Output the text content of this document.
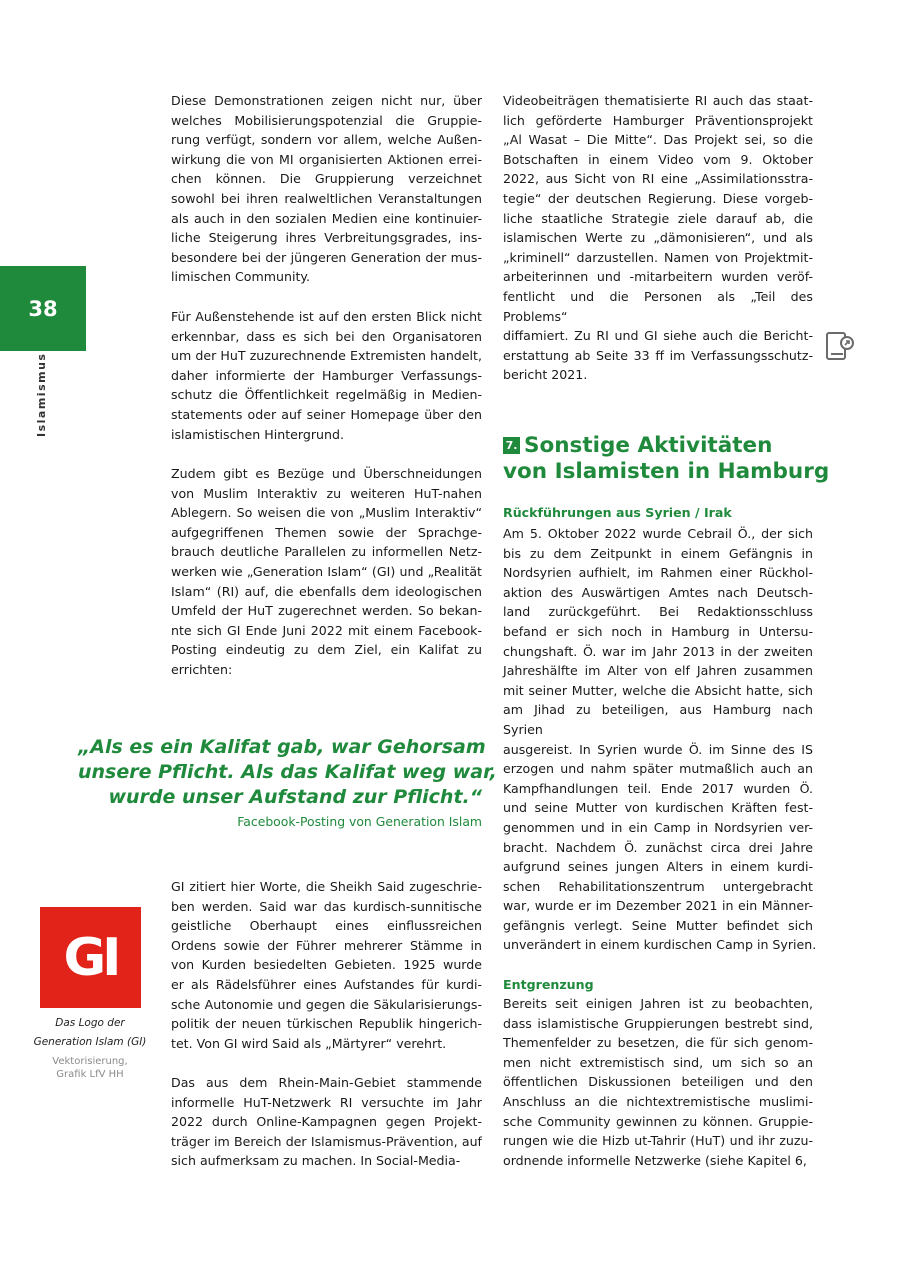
38
Islamismus
Diese Demonstrationen zeigen nicht nur, über
welches Mobilisierungspotenzial die Gruppie-
rung verfügt, sondern vor allem, welche Außen-
wirkung die von MI organisierten Aktionen errei-
chen können. Die Gruppierung verzeichnet
sowohl bei ihren realweltlichen Veranstaltungen
als auch in den sozialen Medien eine kontinuier-
liche Steigerung ihres Verbreitungsgrades, ins-
besondere bei der jüngeren Generation der mus-
limischen Community.
Für Außenstehende ist auf den ersten Blick nicht
erkennbar, dass es sich bei den Organisatoren
um der HuT zuzurechnende Extremisten handelt,
daher informierte der Hamburger Verfassungs-
schutz die Öffentlichkeit regelmäßig in Medien-
statements oder auf seiner Homepage über den
islamistischen Hintergrund.
Zudem gibt es Bezüge und Überschneidungen
von Muslim Interaktiv zu weiteren HuT-nahen
Ablegern. So weisen die von „Muslim Interaktiv“
aufgegriffenen Themen sowie der Sprachge-
brauch deutliche Parallelen zu informellen Netz-
werken wie „Generation Islam“ (GI) und „Realität
Islam“ (RI) auf, die ebenfalls dem ideologischen
Umfeld der HuT zugerechnet werden. So bekan-
nte sich GI Ende Juni 2022 mit einem Facebook-
Posting eindeutig zu dem Ziel, ein Kalifat zu
errichten:
„Als es ein Kalifat gab, war Gehorsam
unsere Pflicht. Als das Kalifat weg war,
wurde unser Aufstand zur Pflicht.“
Facebook-Posting von Generation Islam
GI zitiert hier Worte, die Sheikh Said zugeschrie-
ben werden. Said war das kurdisch-sunnitische
geistliche Oberhaupt eines einflussreichen
Ordens sowie der Führer mehrerer Stämme in
von Kurden besiedelten Gebieten. 1925 wurde
er als Rädelsführer eines Aufstandes für kurdi-
sche Autonomie und gegen die Säkularisierungs-
politik der neuen türkischen Republik hingerich-
tet. Von GI wird Said als „Märtyrer“ verehrt.
Das aus dem Rhein-Main-Gebiet stammende
informelle HuT-Netzwerk RI versuchte im Jahr
2022 durch Online-Kampagnen gegen Projekt-
träger im Bereich der Islamismus-Prävention, auf
sich aufmerksam zu machen. In Social-Media-
GI
Das Logo der
Generation Islam (GI)
Vektorisierung,
Grafik LfV HH
Videobeiträgen thematisierte RI auch das staat-
lich geförderte Hamburger Präventionsprojekt
„Al Wasat – Die Mitte“. Das Projekt sei, so die
Botschaften in einem Video vom 9. Oktober
2022, aus Sicht von RI eine „Assimilationsstra-
tegie“ der deutschen Regierung. Diese vorgeb-
liche staatliche Strategie ziele darauf ab, die
islamischen Werte zu „dämonisieren“, und als
„kriminell“ darzustellen. Namen von Projektmit-
arbeiterinnen und -mitarbeitern wurden veröf-
fentlicht und die Personen als „Teil des Problems“
diffamiert. Zu RI und GI siehe auch die Bericht-
erstattung ab Seite 33 ff im Verfassungsschutz-
bericht 2021.
7. Sonstige Aktivitäten
von Islamisten in Hamburg
Rückführungen aus Syrien / Irak
Am 5. Oktober 2022 wurde Cebrail Ö., der sich
bis zu dem Zeitpunkt in einem Gefängnis in
Nordsyrien aufhielt, im Rahmen einer Rückhol-
aktion des Auswärtigen Amtes nach Deutsch-
land zurückgeführt. Bei Redaktionsschluss
befand er sich noch in Hamburg in Untersu-
chungshaft. Ö. war im Jahr 2013 in der zweiten
Jahreshälfte im Alter von elf Jahren zusammen
mit seiner Mutter, welche die Absicht hatte, sich
am Jihad zu beteiligen, aus Hamburg nach Syrien
ausgereist. In Syrien wurde Ö. im Sinne des IS
erzogen und nahm später mutmaßlich auch an
Kampfhandlungen teil. Ende 2017 wurden Ö.
und seine Mutter von kurdischen Kräften fest-
genommen und in ein Camp in Nordsyrien ver-
bracht. Nachdem Ö. zunächst circa drei Jahre
aufgrund seines jungen Alters in einem kurdi-
schen Rehabilitationszentrum untergebracht
war, wurde er im Dezember 2021 in ein Männer-
gefängnis verlegt. Seine Mutter befindet sich
unverändert in einem kurdischen Camp in Syrien.
Entgrenzung
Bereits seit einigen Jahren ist zu beobachten,
dass islamistische Gruppierungen bestrebt sind,
Themenfelder zu besetzen, die für sich genom-
men nicht extremistisch sind, um sich so an
öffentlichen Diskussionen beteiligen und den
Anschluss an die nichtextremistische muslimi-
sche Community gewinnen zu können. Gruppie-
rungen wie die Hizb ut-Tahrir (HuT) und ihr zuzu-
ordnende informelle Netzwerke (siehe Kapitel 6,
